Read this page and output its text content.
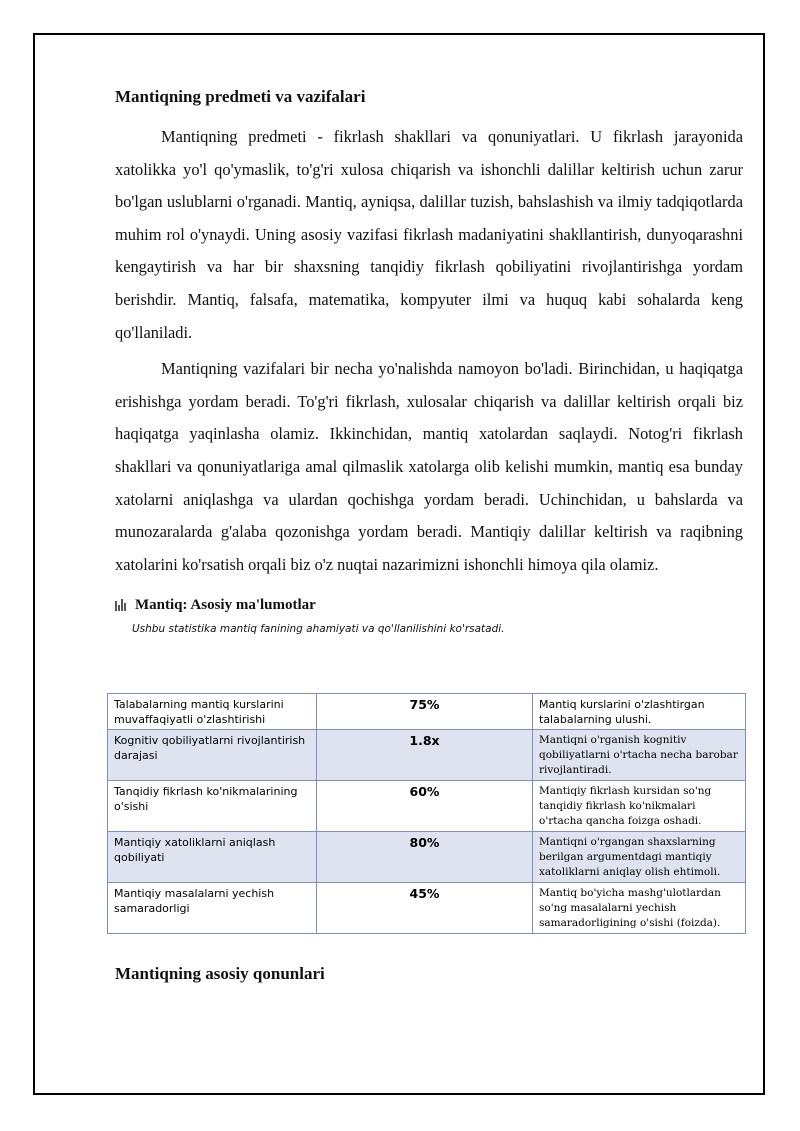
Mantiqning predmeti va vazifalari

Mantiqning predmeti - fikrlash shakllari va qonuniyatlari. U fikrlash jarayonida xatolikka yo'l qo'ymaslik, to'g'ri xulosa chiqarish va ishonchli dalillar keltirish uchun zarur bo'lgan uslublarni o'rganadi. Mantiq, ayniqsa, dalillar tuzish, bahslashish va ilmiy tadqiqotlarda muhim rol o'ynaydi. Uning asosiy vazifasi fikrlash madaniyatini shakllantirish, dunyoqarashni kengaytirish va har bir shaxsning tanqidiy fikrlash qobiliyatini rivojlantirishga yordam berishdir. Mantiq, falsafa, matematika, kompyuter ilmi va huquq kabi sohalarda keng qo'llaniladi.

Mantiqning vazifalari bir necha yo'nalishda namoyon bo'ladi. Birinchidan, u haqiqatga erishishga yordam beradi. To'g'ri fikrlash, xulosalar chiqarish va dalillar keltirish orqali biz haqiqatga yaqinlasha olamiz. Ikkinchidan, mantiq xatolardan saqlaydi. Notog'ri fikrlash shakllari va qonuniyatlariga amal qilmaslik xatolarga olib kelishi mumkin, mantiq esa bunday xatolarni aniqlashga va ulardan qochishga yordam beradi. Uchinchidan, u bahslarda va munozaralarda g'alaba qozonishga yordam beradi. Mantiqiy dalillar keltirish va raqibning xatolarini ko'rsatish orqali biz o'z nuqtai nazarimizni ishonchli himoya qila olamiz.

Mantiq: Asosiy ma'lumotlar
Ushbu statistika mantiq fanining ahamiyati va qo'llanilishini ko'rsatadi.
Talabalarning mantiq kurslarini muvaffaqiyatli o'zlashtirishi	75%	Mantiq kurslarini o'zlashtirgan talabalarning ulushi.
Kognitiv qobiliyatlarni rivojlantirish darajasi	1.8x	Mantiqni o'rganish kognitiv qobiliyatlarni o'rtacha necha barobar rivojlantiradi.
Tanqidiy fikrlash ko'nikmalarining o'sishi	60%	Mantiqiy fikrlash kursidan so'ng tanqidiy fikrlash ko'nikmalari o'rtacha qancha foizga oshadi.
Mantiqiy xatoliklarni aniqlash qobiliyati	80%	Mantiqni o'rgangan shaxslarning berilgan argumentdagi mantiqiy xatoliklarni aniqlay olish ehtimoli.
Mantiqiy masalalarni yechish samaradorligi	45%	Mantiq bo'yicha mashg'ulotlardan so'ng masalalarni yechish samaradorligining o'sishi (foizda).
Mantiqning asosiy qonunlari
